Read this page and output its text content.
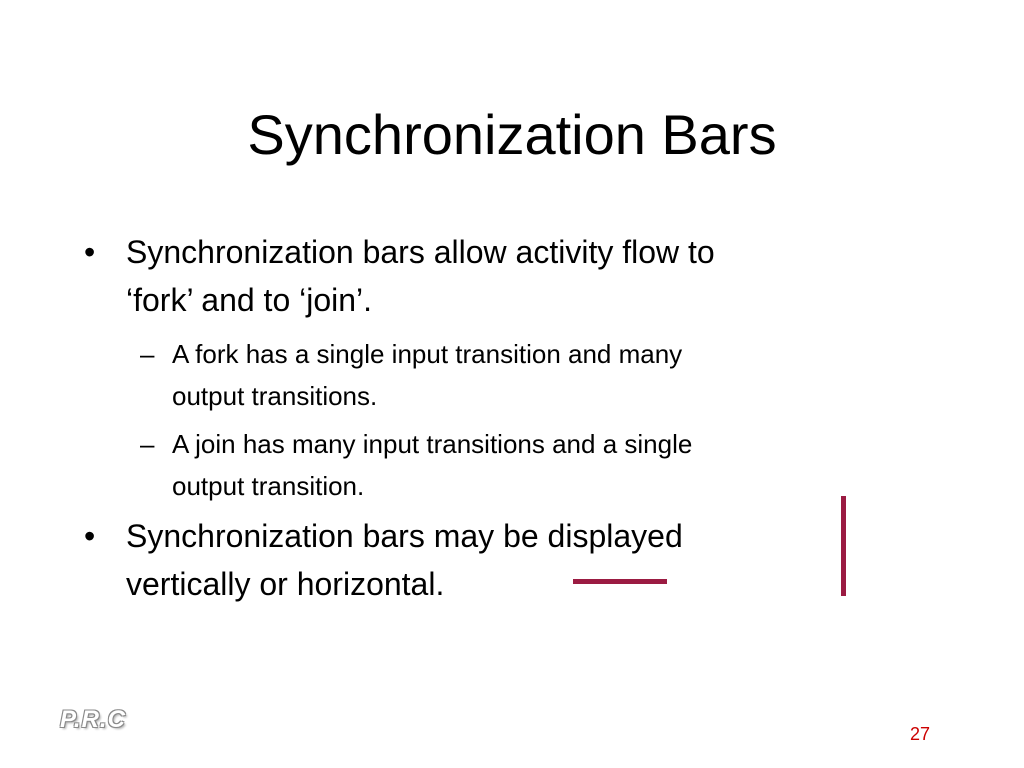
Synchronization Bars
• Synchronization bars allow activity flow to
‘fork’ and to ‘join’.
– A fork has a single input transition and many
output transitions.
– A join has many input transitions and a single
output transition.
• Synchronization bars may be displayed
vertically or horizontal.
P.R.C
27
